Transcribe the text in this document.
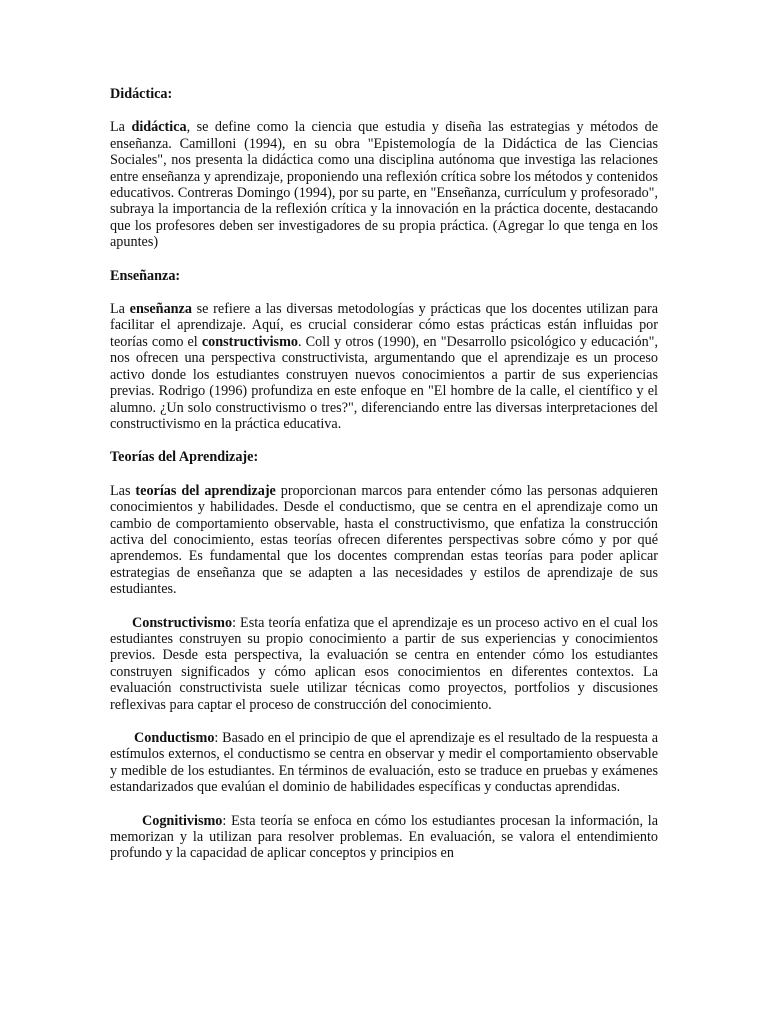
Didáctica:

La didáctica, se define como la ciencia que estudia y diseña las estrategias y métodos de enseñanza. Camilloni (1994), en su obra "Epistemología de la Didáctica de las Ciencias Sociales", nos presenta la didáctica como una disciplina autónoma que investiga las relaciones entre enseñanza y aprendizaje, proponiendo una reflexión crítica sobre los métodos y contenidos educativos. Contreras Domingo (1994), por su parte, en "Enseñanza, currículum y profesorado", subraya la importancia de la reflexión crítica y la innovación en la práctica docente, destacando que los profesores deben ser investigadores de su propia práctica. (Agregar lo que tenga en los apuntes)

Enseñanza:

La enseñanza se refiere a las diversas metodologías y prácticas que los docentes utilizan para facilitar el aprendizaje. Aquí, es crucial considerar cómo estas prácticas están influidas por teorías como el constructivismo. Coll y otros (1990), en "Desarrollo psicológico y educación", nos ofrecen una perspectiva constructivista, argumentando que el aprendizaje es un proceso activo donde los estudiantes construyen nuevos conocimientos a partir de sus experiencias previas. Rodrigo (1996) profundiza en este enfoque en "El hombre de la calle, el científico y el alumno. ¿Un solo constructivismo o tres?", diferenciando entre las diversas interpretaciones del constructivismo en la práctica educativa.

Teorías del Aprendizaje:

Las teorías del aprendizaje proporcionan marcos para entender cómo las personas adquieren conocimientos y habilidades. Desde el conductismo, que se centra en el aprendizaje como un cambio de comportamiento observable, hasta el constructivismo, que enfatiza la construcción activa del conocimiento, estas teorías ofrecen diferentes perspectivas sobre cómo y por qué aprendemos. Es fundamental que los docentes comprendan estas teorías para poder aplicar estrategias de enseñanza que se adapten a las necesidades y estilos de aprendizaje de sus estudiantes.

Constructivismo: Esta teoría enfatiza que el aprendizaje es un proceso activo en el cual los estudiantes construyen su propio conocimiento a partir de sus experiencias y conocimientos previos. Desde esta perspectiva, la evaluación se centra en entender cómo los estudiantes construyen significados y cómo aplican esos conocimientos en diferentes contextos. La evaluación constructivista suele utilizar técnicas como proyectos, portfolios y discusiones reflexivas para captar el proceso de construcción del conocimiento.

Conductismo: Basado en el principio de que el aprendizaje es el resultado de la respuesta a estímulos externos, el conductismo se centra en observar y medir el comportamiento observable y medible de los estudiantes. En términos de evaluación, esto se traduce en pruebas y exámenes estandarizados que evalúan el dominio de habilidades específicas y conductas aprendidas.

Cognitivismo: Esta teoría se enfoca en cómo los estudiantes procesan la información, la memorizan y la utilizan para resolver problemas. En evaluación, se valora el entendimiento profundo y la capacidad de aplicar conceptos y principios en
